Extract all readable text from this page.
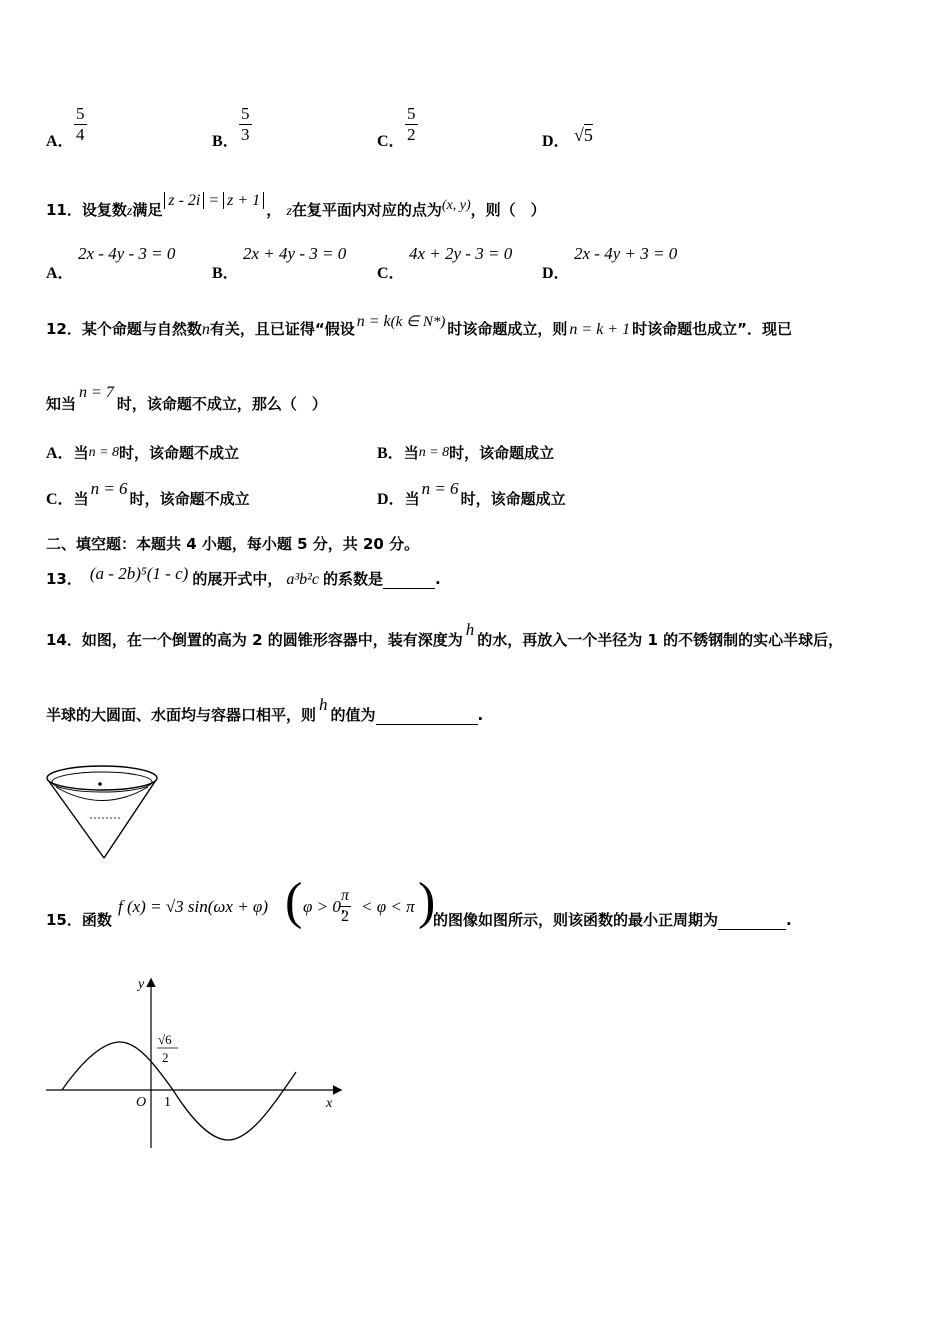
A． $\frac{5}{4}$	B． $\frac{5}{3}$	C． $\frac{5}{2}$	D． √5
11．设复数z满足z - 2i = z + 1， z在复平面内对应的点为(x, y)，则（　）
A．
2x - 4y - 3 = 0
B．
2x + 4y - 3 = 0
C．
4x + 2y - 3 = 0
D．
2x - 4y + 3 = 0
12．某个命题与自然数n有关，且已证得“假设 n = k(k ∈ N*) 时该命题成立，则 n = k + 1 时该命题也成立”．现已
知当n = 7时，该命题不成立，那么（　）
A．当n = 8时，该命题不成立	B．当n = 8时，该命题成立
C．当n = 6时，该命题不成立	D．当n = 6时，该命题成立
二、填空题：本题共 4 小题，每小题 5 分，共 20 分。
13． (a - 2b)⁵(1 - c) 的展开式中， a³b²c 的系数是	.
14．如图，在一个倒置的高为 2 的圆锥形容器中，装有深度为h的水，再放入一个半径为 1 的不锈钢制的实心半球后，
半球的大圆面、水面均与容器口相平，则h的值为	.
15．函数
f (x) = √3 sin(ωx + φ) ( φ > 0,
$\frac{\pi}{2} < \varphi < \pi$ )
的图像如图所示，则该函数的最小正周期为	.
y
x
O 1
√6
2
